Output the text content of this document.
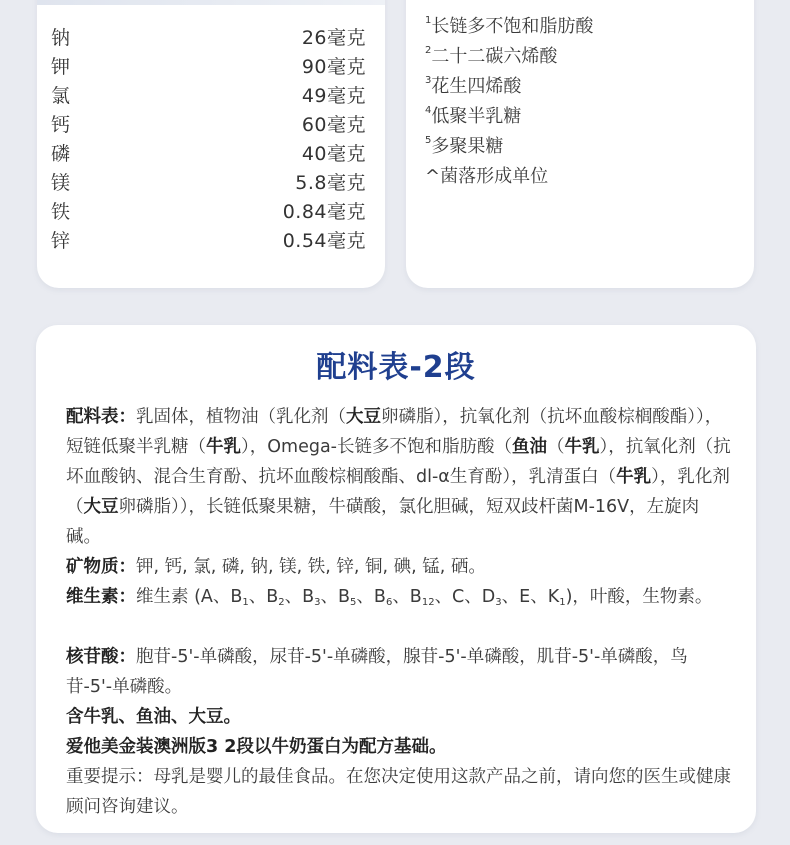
钠	26毫克
钾	90毫克
氯	49毫克
钙	60毫克
磷	40毫克
镁	5.8毫克
铁	0.84毫克
锌	0.54毫克
$^1$长链多不饱和脂肪酸
$^2$二十二碳六烯酸
$^3$花生四烯酸
$^4$低聚半乳糖
$^5$多聚果糖
^菌落形成单位
配料表-2段
配料表：乳固体，植物油（乳化剂（大豆卵磷脂），抗氧化剂（抗坏血酸棕榈酸酯）），短链低聚半乳糖（牛乳），Omega-长链多不饱和脂肪酸（鱼油（牛乳），抗氧化剂（抗坏血酸钠、混合生育酚、抗坏血酸棕榈酸酯、dl-α生育酚），乳清蛋白（牛乳），乳化剂（大豆卵磷脂）），长链低聚果糖，牛磺酸，氯化胆碱，短双歧杆菌M-16V，左旋肉碱。
矿物质：钾, 钙, 氯, 磷, 钠, 镁, 铁, 锌, 铜, 碘, 锰, 硒。
维生素：维生素 (A、$B_1$、$B_2$、$B_3$、$B_5$、$B_6$、$B_{12}$、C、$D_3$、E、$K_1$)，叶酸，生物素。
核苷酸：胞苷-5'-单磷酸，尿苷-5'-单磷酸，腺苷-5'-单磷酸，肌苷-5'-单磷酸，鸟苷-5'-单磷酸。
含牛乳、鱼油、大豆。
爱他美金装澳洲版3 2段以牛奶蛋白为配方基础。
重要提示：母乳是婴儿的最佳食品。在您决定使用这款产品之前，请向您的医生或健康顾问咨询建议。
